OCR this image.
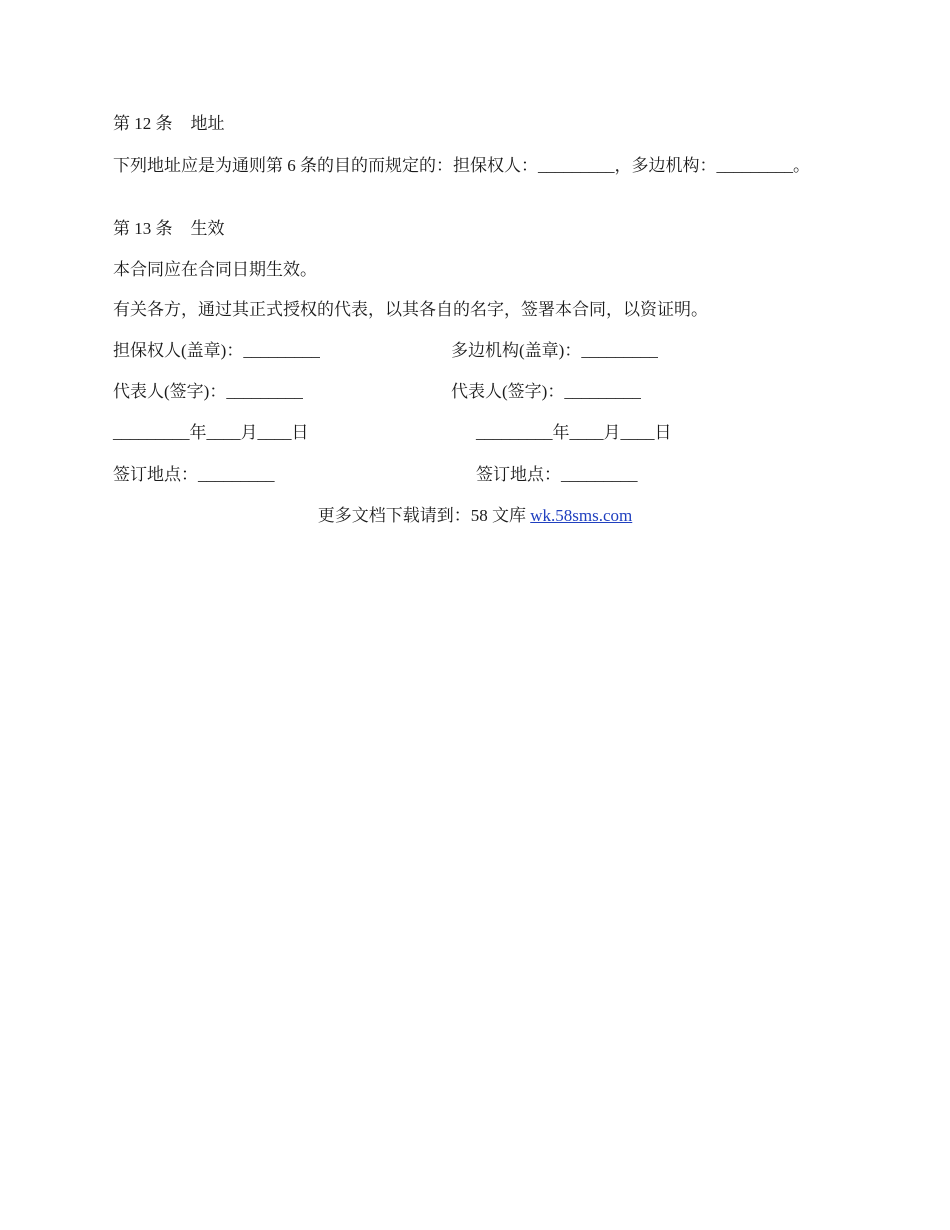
第 12 条 地址
下列地址应是为通则第 6 条的目的而规定的：担保权人：_________，多边机构：_________。
第 13 条 生效
本合同应在合同日期生效。
有关各方，通过其正式授权的代表，以其各自的名字，签署本合同，以资证明。
担保权人(盖章)：_________	多边机构(盖章)：_________
代表人(签字)：_________	代表人(签字)：_________
_________年____月____日	_________年____月____日
签订地点：_________	签订地点：_________
更多文档下载请到：58 文库 wk.58sms.com
